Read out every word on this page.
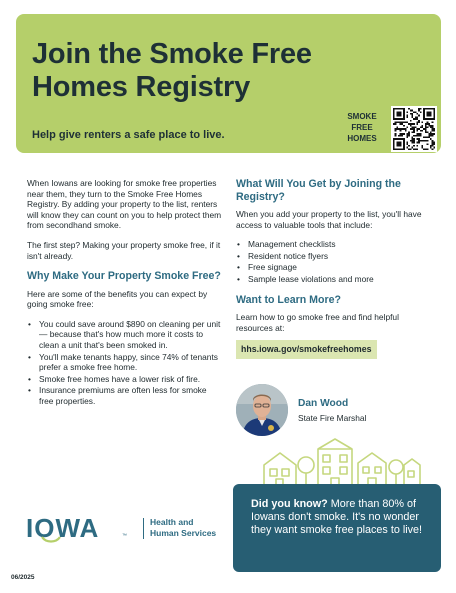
Join the Smoke Free Homes Registry
Help give renters a safe place to live.
SMOKE FREE HOMES

When Iowans are looking for smoke free properties near them, they turn to the Smoke Free Homes Registry. By adding your property to the list, renters will know they can count on you to help protect them from secondhand smoke.

The first step? Making your property smoke free, if it isn't already.

Why Make Your Property Smoke Free?

Here are some of the benefits you can expect by going smoke free:

• You could save around $890 on cleaning per unit — because that's how much more it costs to clean a unit that's been smoked in.
• You'll make tenants happy, since 74% of tenants prefer a smoke free home.
• Smoke free homes have a lower risk of fire.
• Insurance premiums are often less for smoke free properties.
What Will You Get by Joining the Registry?

When you add your property to the list, you'll have access to valuable tools that include:

• Management checklists
• Resident notice flyers
• Free signage
• Sample lease violations and more
Want to Learn More?

Learn how to go smoke free and find helpful resources at:

hhs.iowa.gov/smokefreehomes
Dan Wood
State Fire Marshal
Did you know? More than 80% of Iowans don't smoke. It's no wonder they want smoke free places to live!
IOWA	™
Health and
Human Services
06/2025
